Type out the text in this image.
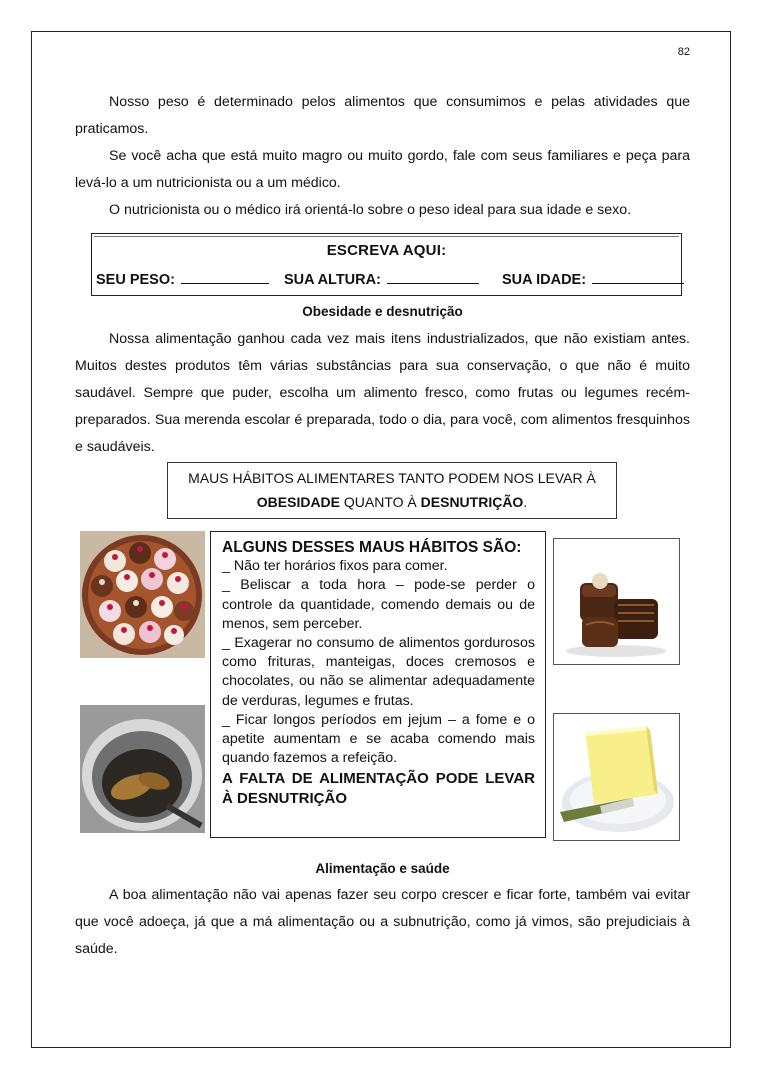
82

Nosso peso é determinado pelos alimentos que consumimos e pelas atividades que praticamos.

Se você acha que está muito magro ou muito gordo, fale com seus familiares e peça para levá-lo a um nutricionista ou a um médico.

O nutricionista ou o médico irá orientá-lo sobre o peso ideal para sua idade e sexo.

ESCREVA AQUI:
SEU PESO:	SUA ALTURA:	SUA IDADE:
Obesidade e desnutrição

Nossa alimentação ganhou cada vez mais itens industrializados, que não existiam antes. Muitos destes produtos têm várias substâncias para sua conservação, o que não é muito saudável. Sempre que puder, escolha um alimento fresco, como frutas ou legumes recém-preparados. Sua merenda escolar é preparada, todo o dia, para você, com alimentos fresquinhos e saudáveis.

MAUS HÁBITOS ALIMENTARES TANTO PODEM NOS LEVAR À
OBESIDADE QUANTO À DESNUTRIÇÃO.
ALGUNS DESSES MAUS HÁBITOS SÃO:

_ Não ter horários fixos para comer.

_ Beliscar a toda hora – pode-se perder o controle da quantidade, comendo demais ou de menos, sem perceber.

_ Exagerar no consumo de alimentos gordurosos como frituras, manteigas, doces cremosos e chocolates, ou não se alimentar adequadamente de verduras, legumes e frutas.

_ Ficar longos períodos em jejum – a fome e o apetite aumentam e se acaba comendo mais quando fazemos a refeição.

A FALTA DE ALIMENTAÇÃO PODE LEVAR À DESNUTRIÇÃO
Alimentação e saúde

A boa alimentação não vai apenas fazer seu corpo crescer e ficar forte, também vai evitar que você adoeça, já que a má alimentação ou a subnutrição, como já vimos, são prejudiciais à saúde.
